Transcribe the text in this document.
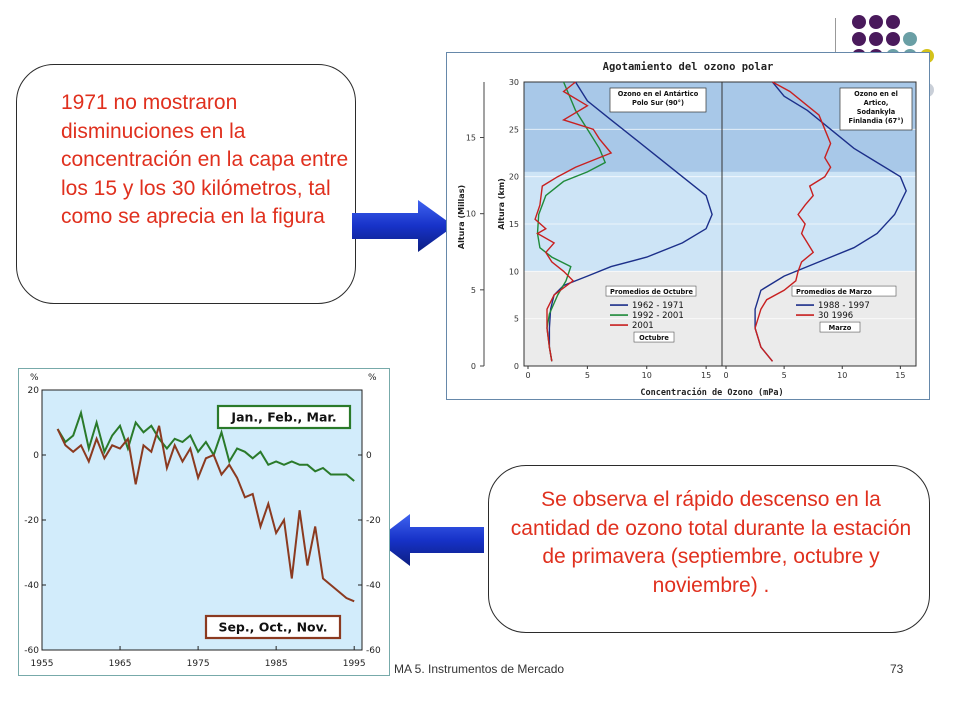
1971 no mostraron disminuciones en la concentración en la capa entre los 15 y los 30 kilómetros, tal como se aprecia en la figura
Agotamiento del ozono polar
Altura (km)
Altura (Millas)
Concentración de Ozono (mPa)
0
5
10
15
0
5
10
15
20
25
30
0	5	10	15
Ozono en el Antártico
Polo Sur (90°)
Promedios de Octubre
1962 - 1971
1992 - 2001
2001
Octubre
0	5	10	15
Ozono en el
Artico,
Sodankyla
Finlandia (67°)
Promedios de Marzo
1988 - 1997
30 1996
Marzo
%	%
20
0
-20
-40
-60
0
-20
-40
-60
1955	1965	1975	1985	1995
Jan., Feb., Mar.
Sep., Oct., Nov.
Se observa el rápido descenso en la cantidad de ozono total durante la estación de primavera (septiembre, octubre y noviembre) .
MA 5. Instrumentos de Mercado	73
